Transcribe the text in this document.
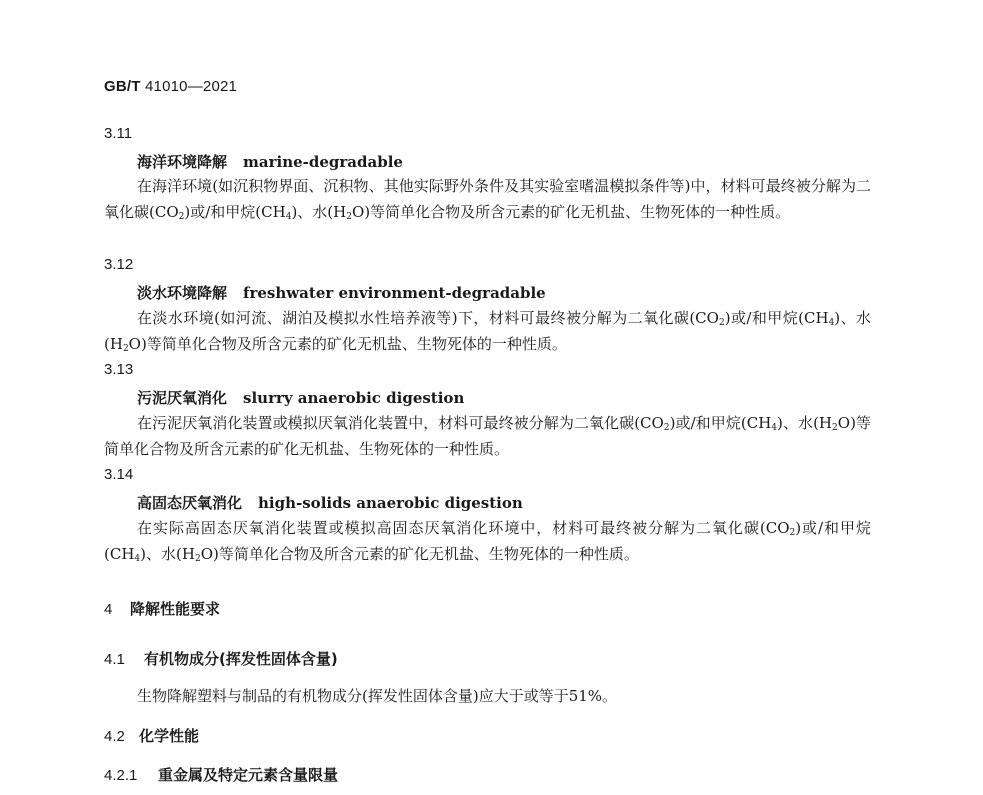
GB/T 41010—2021
3.11
海洋环境降解 marine-degradable
在海洋环境(如沉积物界面、沉积物、其他实际野外条件及其实验室嗜温模拟条件等)中，材料可最终被分解为二氧化碳$(CO_2)$或/和甲烷$(CH_4)$、水$(H_2O)$等简单化合物及所含元素的矿化无机盐、生物死体的一种性质。
3.12
淡水环境降解 freshwater environment-degradable
在淡水环境(如河流、湖泊及模拟水性培养液等)下，材料可最终被分解为二氧化碳$(CO_2)$或/和甲烷$(CH_4)$、水$(H_2O)$等简单化合物及所含元素的矿化无机盐、生物死体的一种性质。
3.13
污泥厌氧消化 slurry anaerobic digestion
在污泥厌氧消化装置或模拟厌氧消化装置中，材料可最终被分解为二氧化碳$(CO_2)$或/和甲烷$(CH_4)$、水$(H_2O)$等简单化合物及所含元素的矿化无机盐、生物死体的一种性质。
3.14
高固态厌氧消化 high-solids anaerobic digestion
在实际高固态厌氧消化装置或模拟高固态厌氧消化环境中，材料可最终被分解为二氧化碳$(CO_2)$或/和甲烷$(CH_4)$、水$(H_2O)$等简单化合物及所含元素的矿化无机盐、生物死体的一种性质。
4 降解性能要求
4.1 有机物成分(挥发性固体含量)
生物降解塑料与制品的有机物成分(挥发性固体含量)应大于或等于51%。
4.2 化学性能
4.2.1 重金属及特定元素含量限量
